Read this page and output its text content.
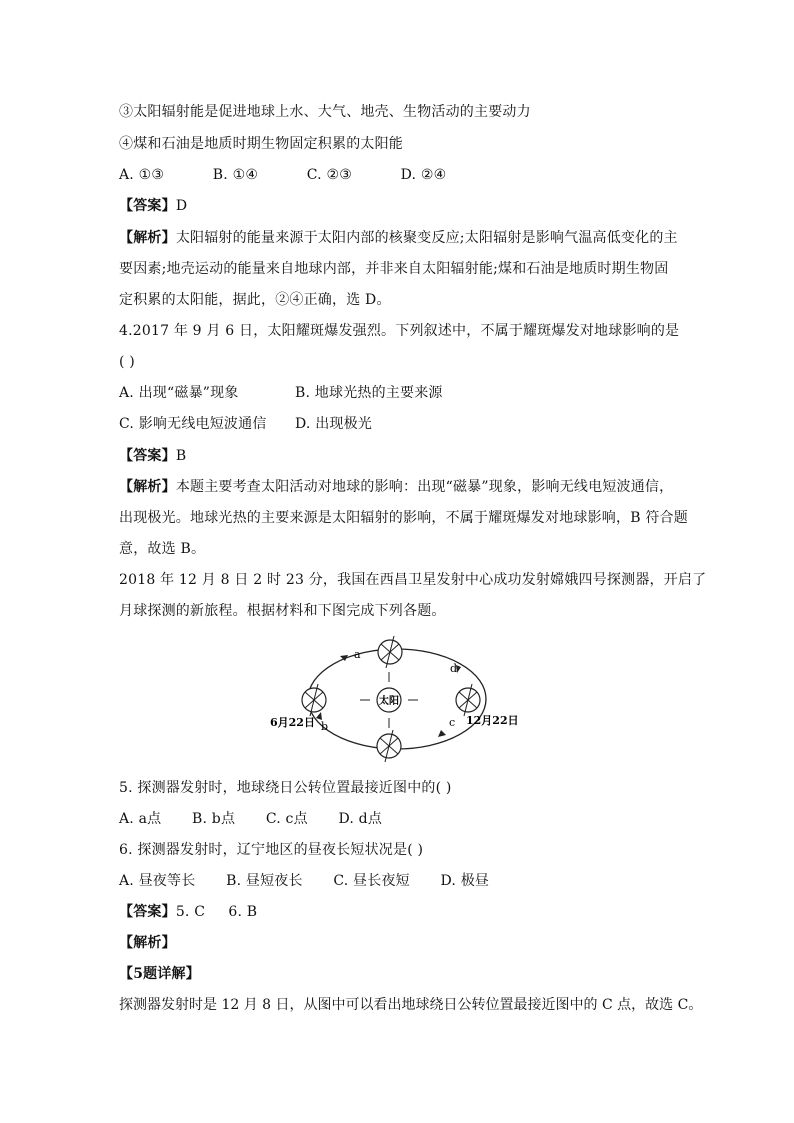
③太阳辐射能是促进地球上水、大气、地壳、生物活动的主要动力
④煤和石油是地质时期生物固定积累的太阳能
A. ①③	B. ①④	C. ②③	D. ②④
【答案】D
【解析】太阳辐射的能量来源于太阳内部的核聚变反应;太阳辐射是影响气温高低变化的主
要因素;地壳运动的能量来自地球内部，并非来自太阳辐射能;煤和石油是地质时期生物固
定积累的太阳能，据此，②④正确，选 D。
4.2017 年 9 月 6 日，太阳耀斑爆发强烈。下列叙述中，不属于耀斑爆发对地球影响的是
( )
A. 出现“磁暴”现象	B. 地球光热的主要来源
C. 影响无线电短波通信 D. 出现极光
【答案】B
【解析】本题主要考查太阳活动对地球的影响：出现“磁暴”现象，影响无线电短波通信，
出现极光。地球光热的主要来源是太阳辐射的影响，不属于耀斑爆发对地球影响，B 符合题
意，故选 B。
2018 年 12 月 8 日 2 时 23 分，我国在西昌卫星发射中心成功发射嫦娥四号探测器，开启了
月球探测的新旅程。根据材料和下图完成下列各题。
太阳
a
d
b	c
6月22日	12月22日
5. 探测器发射时，地球绕日公转位置最接近图中的( )
A. a点 B. b点 C. c点 D. d点
6. 探测器发射时，辽宁地区的昼夜长短状况是( )
A. 昼夜等长 B. 昼短夜长 C. 昼长夜短 D. 极昼
【答案】5. C     6. B
【解析】
【5题详解】
探测器发射时是 12 月 8 日，从图中可以看出地球绕日公转位置最接近图中的 C 点，故选 C。
